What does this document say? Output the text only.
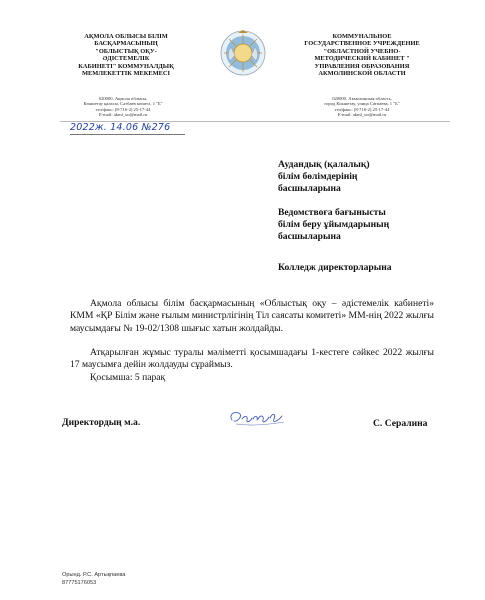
АҚМОЛА ОБЛЫСЫ БІЛІМ
БАСҚАРМАСЫНЫҢ
"ОБЛЫСТЫҚ ОҚУ-
ӘДІСТЕМЕЛІК
КАБИНЕТІ" КОММУНАЛДЫҚ
МЕМЛЕКЕТТІК МЕКЕМЕСІ
020000, Ақмола облысы,
Көкшетау қаласы, Сәтбаев көшесі, 1 "Б"
тел/факс: (8-716-2) 25-17-44
E-mail: akml_uo@mail.ru
КОММУНАЛЬНОЕ
ГОСУДАРСТВЕННОЕ УЧРЕЖДЕНИЕ
"ОБЛАСТНОЙ УЧЕБНО-
МЕТОДИЧЕСКИЙ КАБИНЕТ "
УПРАВЛЕНИЯ ОБРАЗОВАНИЯ
АКМОЛИНСКОЙ ОБЛАСТИ
020000, Акмолинская область,
город Кокшетау, улица Сатпаева, 1 "Б"
тел/факс: (8-716-2) 25-17-44
E-mail: akml_uo@mail.ru
2022ж. 14.06 №276
Аудандық (қалалық)
білім бөлімдерінің
басшыларына
Ведомствоға бағынысты
білім беру ұйымдарының
басшыларына
Колледж директорларына
Ақмола облысы білім басқармасының «Облыстық оқу – әдістемелік кабинеті» КММ «ҚР Білім және ғылым министрлігінің Тіл саясаты комитеті» ММ-нің 2022 жылғы маусымдағы № 19-02/1308 шығыс хатын жолдайды.
Атқарылған жұмыс туралы мәліметті қосымшадағы 1-кестеге сәйкес 2022 жылғы 17 маусымға дейін жолдауды сұраймыз.
Қосымша: 5 парақ
Директордың м.а.	С. Сералина
Орынд. Р.С. Артықпаева
87775176053
